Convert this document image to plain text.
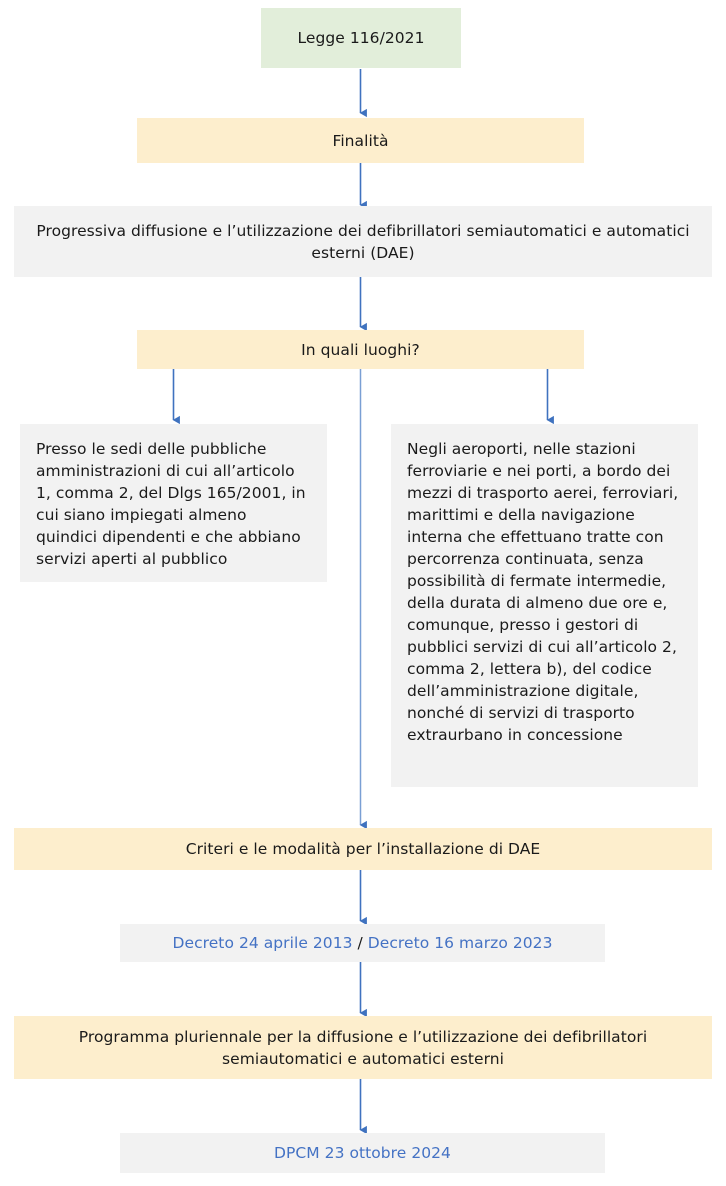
Legge 116/2021
Finalità
Progressiva diffusione e l’utilizzazione dei defibrillatori semiautomatici e automatici esterni (DAE)
In quali luoghi?
Presso le sedi delle pubbliche amministrazioni di cui all’articolo 1, comma 2, del Dlgs 165/2001, in cui siano impiegati almeno quindici dipendenti e che abbiano servizi aperti al pubblico
Negli aeroporti, nelle stazioni ferroviarie e nei porti, a bordo dei mezzi di trasporto aerei, ferroviari, marittimi e della navigazione interna che effettuano tratte con percorrenza continuata, senza possibilità di fermate intermedie, della durata di almeno due ore e, comunque, presso i gestori di pubblici servizi di cui all’articolo 2, comma 2, lettera b), del codice dell’amministrazione digitale, nonché di servizi di trasporto extraurbano in concessione
Criteri e le modalità per l’installazione di DAE
Decreto 24 aprile 2013 / Decreto 16 marzo 2023
Programma pluriennale per la diffusione e l’utilizzazione dei defibrillatori semiautomatici e automatici esterni
DPCM 23 ottobre 2024
